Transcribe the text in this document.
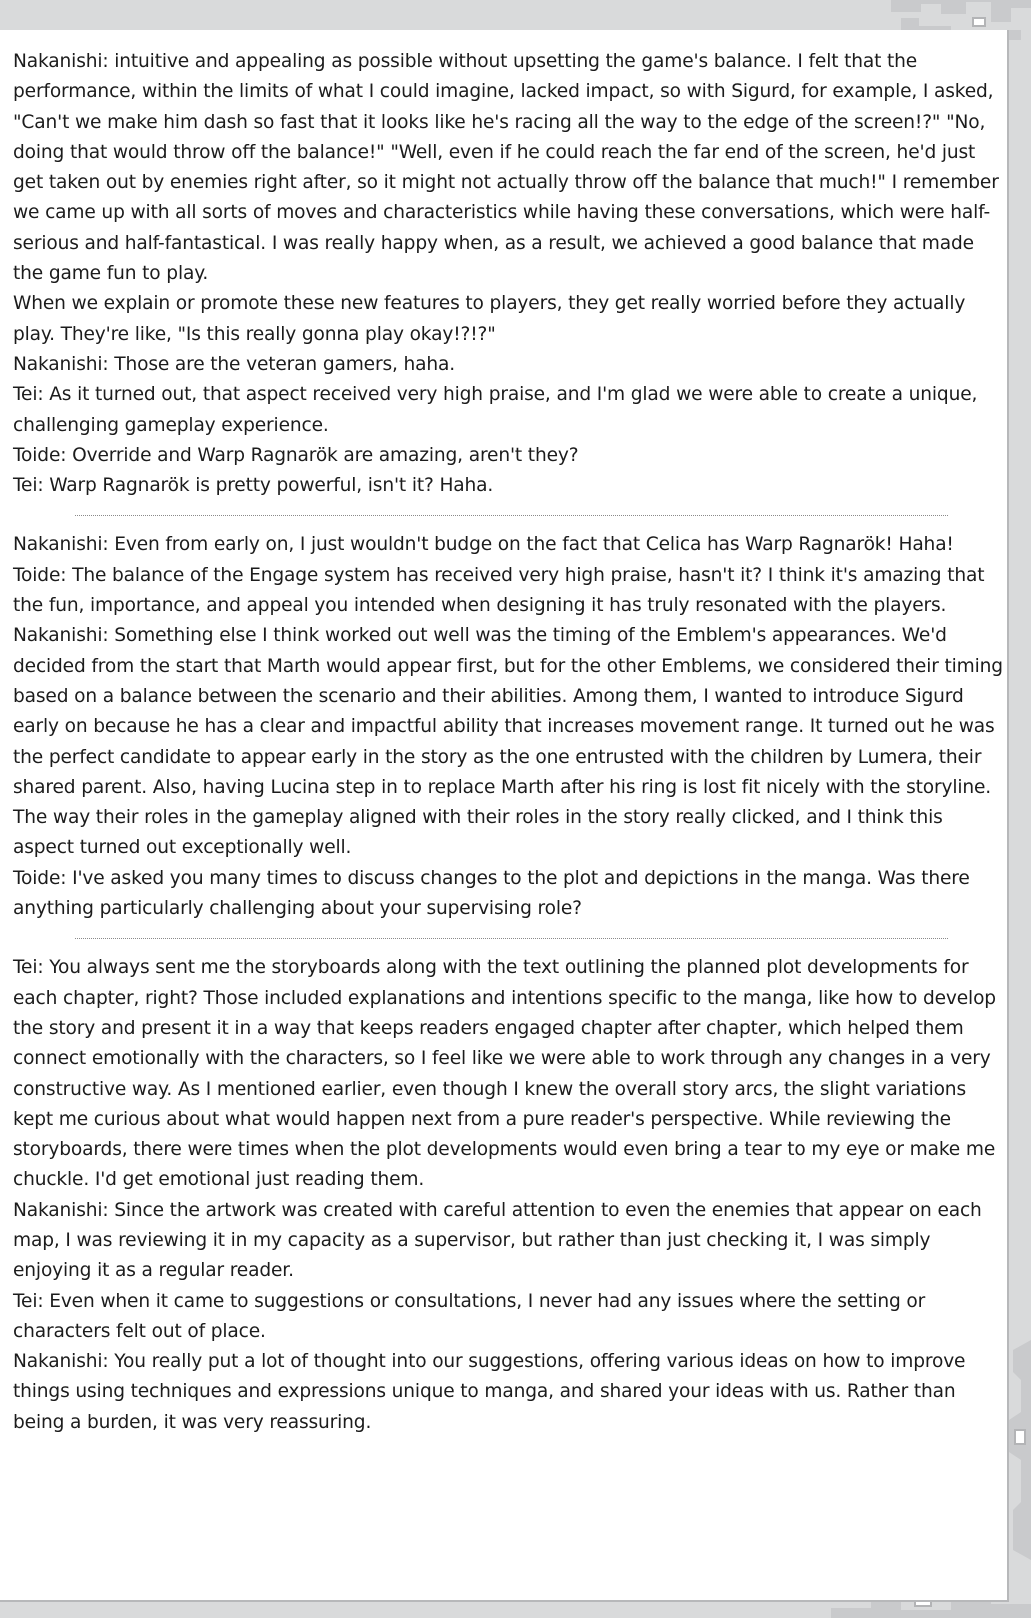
Nakanishi: intuitive and appealing as possible without upsetting the game's balance. I felt that the performance, within the limits of what I could imagine, lacked impact, so with Sigurd, for example, I asked, "Can't we make him dash so fast that it looks like he's racing all the way to the edge of the screen!?" "No, doing that would throw off the balance!" "Well, even if he could reach the far end of the screen, he'd just get taken out by enemies right after, so it might not actually throw off the balance that much!" I remember we came up with all sorts of moves and characteristics while having these conversations, which were half-serious and half-fantastical. I was really happy when, as a result, we achieved a good balance that made the game fun to play.

When we explain or promote these new features to players, they get really worried before they actually play. They're like, "Is this really gonna play okay!?!?"

Nakanishi: Those are the veteran gamers, haha.

Tei: As it turned out, that aspect received very high praise, and I'm glad we were able to create a unique, challenging gameplay experience.

Toide: Override and Warp Ragnarök are amazing, aren't they?

Tei: Warp Ragnarök is pretty powerful, isn't it? Haha.

Nakanishi: Even from early on, I just wouldn't budge on the fact that Celica has Warp Ragnarök! Haha!

Toide: The balance of the Engage system has received very high praise, hasn't it? I think it's amazing that the fun, importance, and appeal you intended when designing it has truly resonated with the players.

Nakanishi: Something else I think worked out well was the timing of the Emblem's appearances. We'd decided from the start that Marth would appear first, but for the other Emblems, we considered their timing based on a balance between the scenario and their abilities. Among them, I wanted to introduce Sigurd early on because he has a clear and impactful ability that increases movement range. It turned out he was the perfect candidate to appear early in the story as the one entrusted with the children by Lumera, their shared parent. Also, having Lucina step in to replace Marth after his ring is lost fit nicely with the storyline. The way their roles in the gameplay aligned with their roles in the story really clicked, and I think this aspect turned out exceptionally well.

Toide: I've asked you many times to discuss changes to the plot and depictions in the manga. Was there anything particularly challenging about your supervising role?

Tei: You always sent me the storyboards along with the text outlining the planned plot developments for each chapter, right? Those included explanations and intentions specific to the manga, like how to develop the story and present it in a way that keeps readers engaged chapter after chapter, which helped them connect emotionally with the characters, so I feel like we were able to work through any changes in a very constructive way. As I mentioned earlier, even though I knew the overall story arcs, the slight variations kept me curious about what would happen next from a pure reader's perspective. While reviewing the storyboards, there were times when the plot developments would even bring a tear to my eye or make me chuckle. I'd get emotional just reading them.

Nakanishi: Since the artwork was created with careful attention to even the enemies that appear on each map, I was reviewing it in my capacity as a supervisor, but rather than just checking it, I was simply enjoying it as a regular reader.

Tei: Even when it came to suggestions or consultations, I never had any issues where the setting or characters felt out of place.

Nakanishi: You really put a lot of thought into our suggestions, offering various ideas on how to improve things using techniques and expressions unique to manga, and shared your ideas with us. Rather than being a burden, it was very reassuring.
